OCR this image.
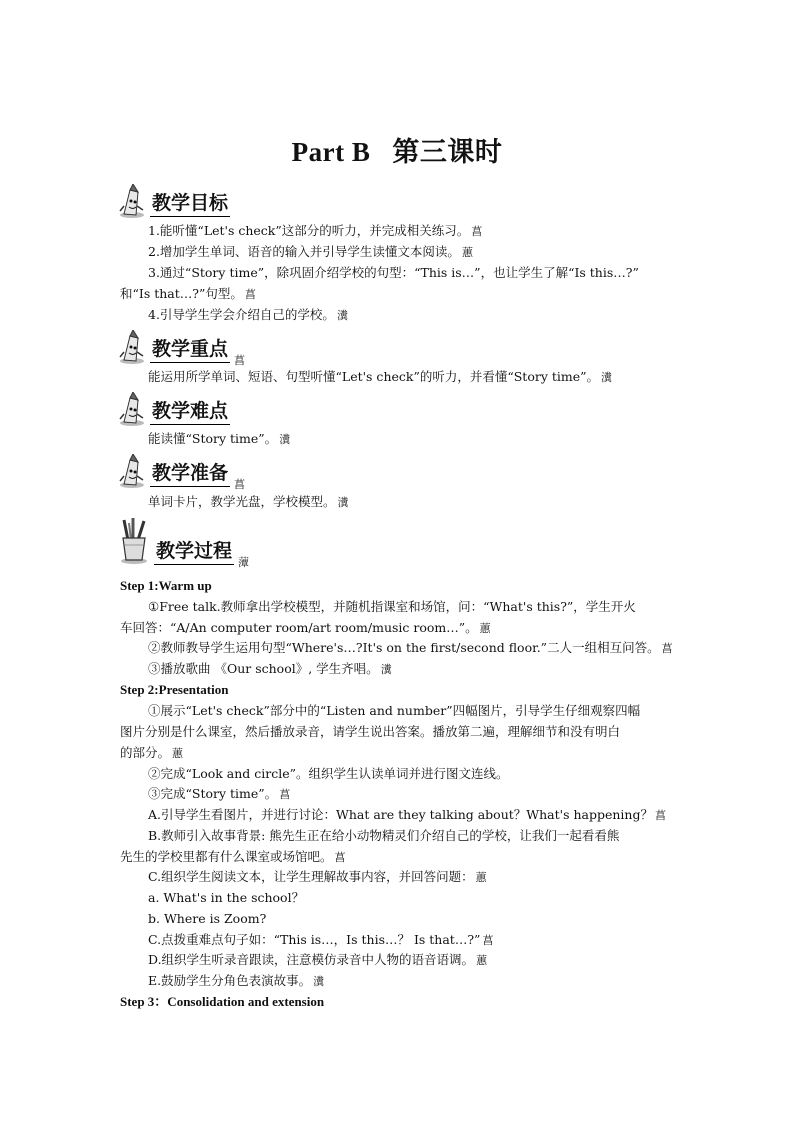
Part B 第三课时
教学目标
1.能听懂“Let's check”这部分的听力，并完成相关练习。 菖
2.增加学生单词、语音的输入并引导学生读懂文本阅读。 蕙
3.通过“Story time”，除巩固介绍学校的句型：“This is…”，也让学生了解“Is this…?”
和“Is that…?”句型。 菖
4.引导学生学会介绍自己的学校。 瀵
教学重点
菖
能运用所学单词、短语、句型听懂“Let's check”的听力，并看懂“Story time”。 瀵
教学难点
能读懂“Story time”。 瀵
教学准备
菖
单词卡片，教学光盘，学校模型。 瀵
教学过程
藫
Step 1:Warm up
①Free talk.教师拿出学校模型，并随机指课室和场馆，问：“What's this?”，学生开火
车回答：“A/An computer room/art room/music room…”。 蕙
②教师教导学生运用句型“Where's…?It's on the first/second floor.”二人一组相互问答。 菖
③播放歌曲 《Our school》, 学生齐唱。 瀵
Step 2:Presentation
①展示“Let's check”部分中的“Listen and number”四幅图片，引导学生仔细观察四幅
图片分别是什么课室，然后播放录音，请学生说出答案。播放第二遍，理解细节和没有明白
的部分。 蕙
②完成“Look and circle”。组织学生认读单词并进行图文连线。
③完成“Story time”。 菖
A.引导学生看图片，并进行讨论：What are they talking about？What's happening？ 菖
B.教师引入故事背景: 熊先生正在给小动物精灵们介绍自己的学校，让我们一起看看熊
先生的学校里都有什么课室或场馆吧。 菖
C.组织学生阅读文本，让学生理解故事内容，并回答问题： 蕙
a. What's in the school？
b. Where is Zoom?
C.点拨重难点句子如：“This is…，Is this…？ Is that…?” 菖
D.组织学生听录音跟读，注意模仿录音中人物的语音语调。 蕙
E.鼓励学生分角色表演故事。 瀵
Step 3：Consolidation and extension
